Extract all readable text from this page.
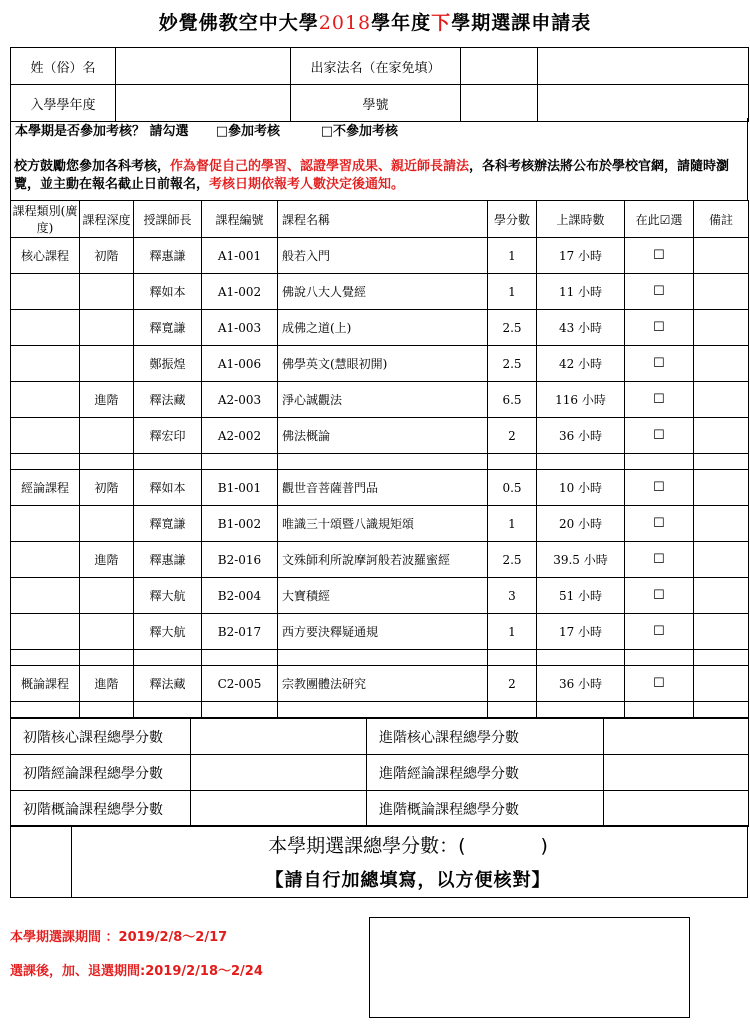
妙覺佛教空中大學2018學年度下學期選課申請表
姓（俗）名		出家法名（在家免填）		
入學學年度		學號		
本學期是否參加考核？ 請勾選 □參加考核	□不參加考核
校方鼓勵您參加各科考核，作為督促自己的學習、認證學習成果、親近師長請法，各科考核辦法將公布於學校官網，請隨時瀏覽，並主動在報名截止日前報名，考核日期依報考人數決定後通知。
課程類別(廣度)	課程深度	授課師長	課程編號	課程名稱	學分數	上課時數	在此☑選	備註
核心課程	初階	釋惠謙	A1-001	般若入門	1	17 小時	☐	
		釋如本	A1-002	佛說八大人覺經	1	11 小時	☐	
		釋寬謙	A1-003	成佛之道(上)	2.5	43 小時	☐	
		鄭振煌	A1-006	佛學英文(慧眼初開)	2.5	42 小時	☐	
	進階	釋法藏	A2-003	淨心誠觀法	6.5	116 小時	☐	
		釋宏印	A2-002	佛法概論	2	36 小時	☐	

經論課程	初階	釋如本	B1-001	觀世音菩薩普門品	0.5	10 小時	☐	
		釋寬謙	B1-002	唯識三十頌暨八識規矩頌	1	20 小時	☐	
	進階	釋惠謙	B2-016	文殊師利所說摩訶般若波羅蜜經	2.5	39.5 小時	☐	
		釋大航	B2-004	大寶積經	3	51 小時	☐	
		釋大航	B2-017	西方要決釋疑通規	1	17 小時	☐	

概論課程	進階	釋法藏	C2-005	宗教團體法研究	2	36 小時	☐	

初階核心課程總學分數		進階核心課程總學分數	
初階經論課程總學分數		進階經論課程總學分數	
初階概論課程總學分數		進階概論課程總學分數	
本學期選課總學分數：(	)
【請自行加總填寫，以方便核對】
本學期選課期間 ：2019/2/8～2/17
選課後，加、退選期間:2019/2/18～2/24
